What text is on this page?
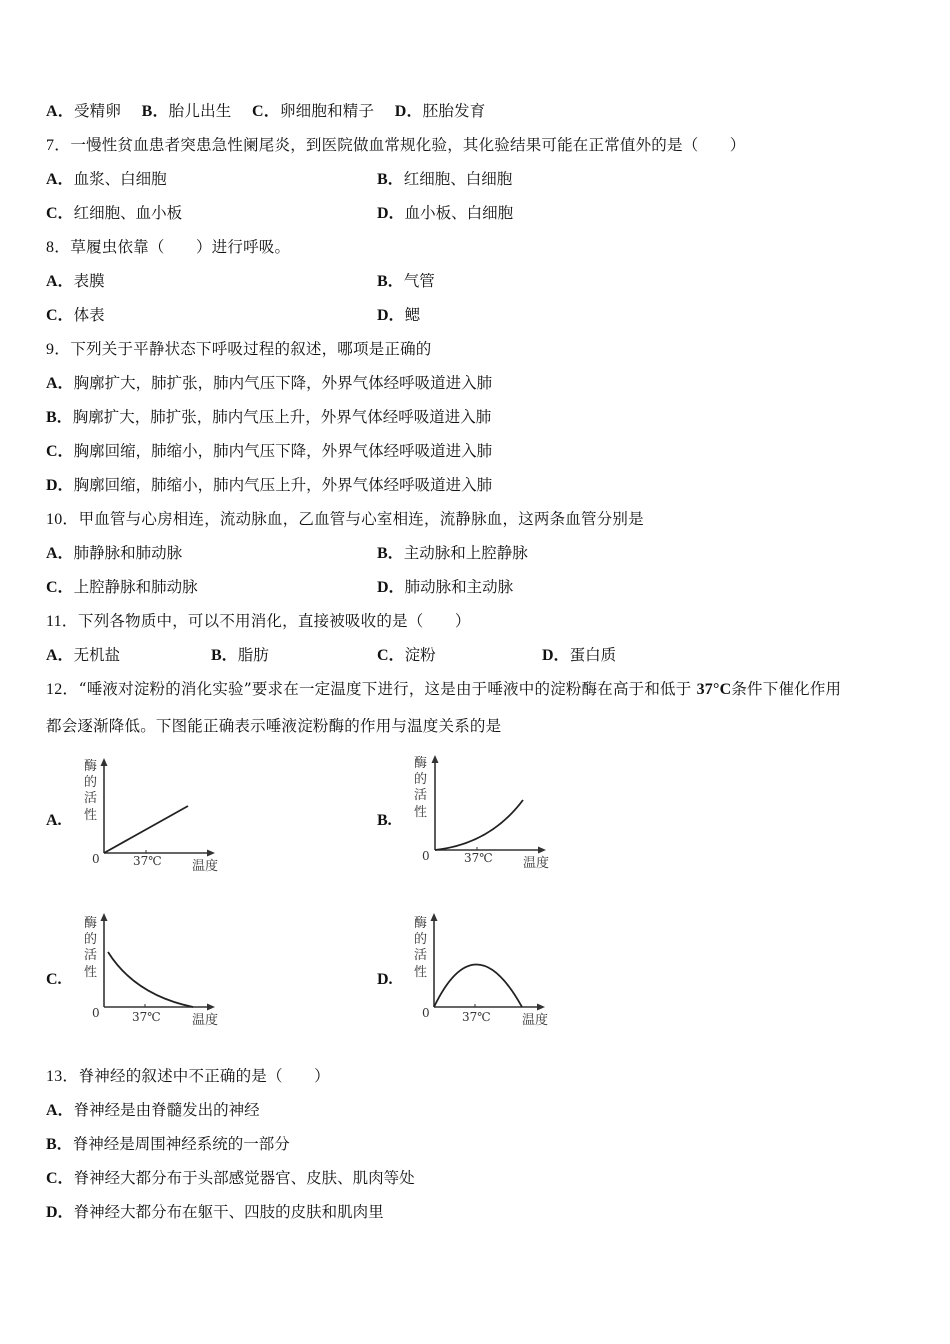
A．受精卵 B．胎儿出生 C．卵细胞和精子 D．胚胎发育
7．一慢性贫血患者突患急性阑尾炎，到医院做血常规化验，其化验结果可能在正常值外的是（　　）
A．血浆、白细胞	B．红细胞、白细胞
C．红细胞、血小板	D．血小板、白细胞
8．草履虫依靠（　　）进行呼吸。
A．表膜	B．气管
C．体表	D．鳃
9．下列关于平静状态下呼吸过程的叙述，哪项是正确的
A．胸廓扩大，肺扩张，肺内气压下降，外界气体经呼吸道进入肺
B．胸廓扩大，肺扩张，肺内气压上升，外界气体经呼吸道进入肺
C．胸廓回缩，肺缩小，肺内气压下降，外界气体经呼吸道进入肺
D．胸廓回缩，肺缩小，肺内气压上升，外界气体经呼吸道进入肺
10．甲血管与心房相连，流动脉血，乙血管与心室相连，流静脉血，这两条血管分别是
A．肺静脉和肺动脉	B．主动脉和上腔静脉
C．上腔静脉和肺动脉	D．肺动脉和主动脉
11．下列各物质中，可以不用消化，直接被吸收的是（　　）
A．无机盐	B．脂肪	C．淀粉	D．蛋白质
12．“唾液对淀粉的消化实验”要求在一定温度下进行，这是由于唾液中的淀粉酶在高于和低于 37°C条件下催化作用
都会逐渐降低。下图能正确表示唾液淀粉酶的作用与温度关系的是
A.
酶
的
活
性
0	37℃ 温度
B.
酶
的
活
性
0	37℃ 温度
C.
酶
的
活
性
0	37℃ 温度
D.
酶
的
活
性
0	37℃ 温度
13．脊神经的叙述中不正确的是（　　）
A．脊神经是由脊髓发出的神经
B．脊神经是周围神经系统的一部分
C．脊神经大都分布于头部感觉器官、皮肤、肌肉等处
D．脊神经大都分布在躯干、四肢的皮肤和肌肉里
